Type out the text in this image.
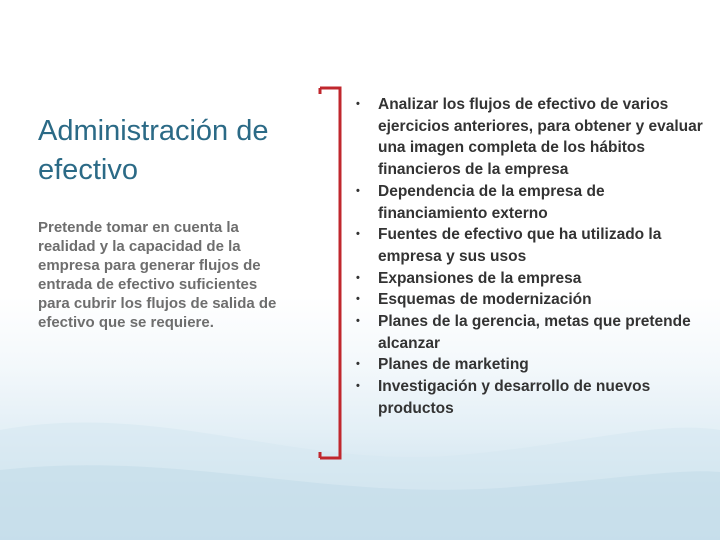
Administración de efectivo

Pretende tomar en cuenta la realidad y la capacidad de la empresa para generar flujos de entrada de efectivo suficientes para cubrir los flujos de salida de efectivo que se requiere.

• Analizar los flujos de efectivo de varios ejercicios anteriores, para obtener y evaluar una imagen completa de los hábitos financieros de la empresa
• Dependencia de la empresa de financiamiento externo
• Fuentes de efectivo que ha utilizado la empresa y sus usos
• Expansiones de la empresa
• Esquemas de modernización
• Planes de la gerencia, metas que pretende alcanzar
• Planes de marketing
• Investigación y desarrollo de nuevos productos
